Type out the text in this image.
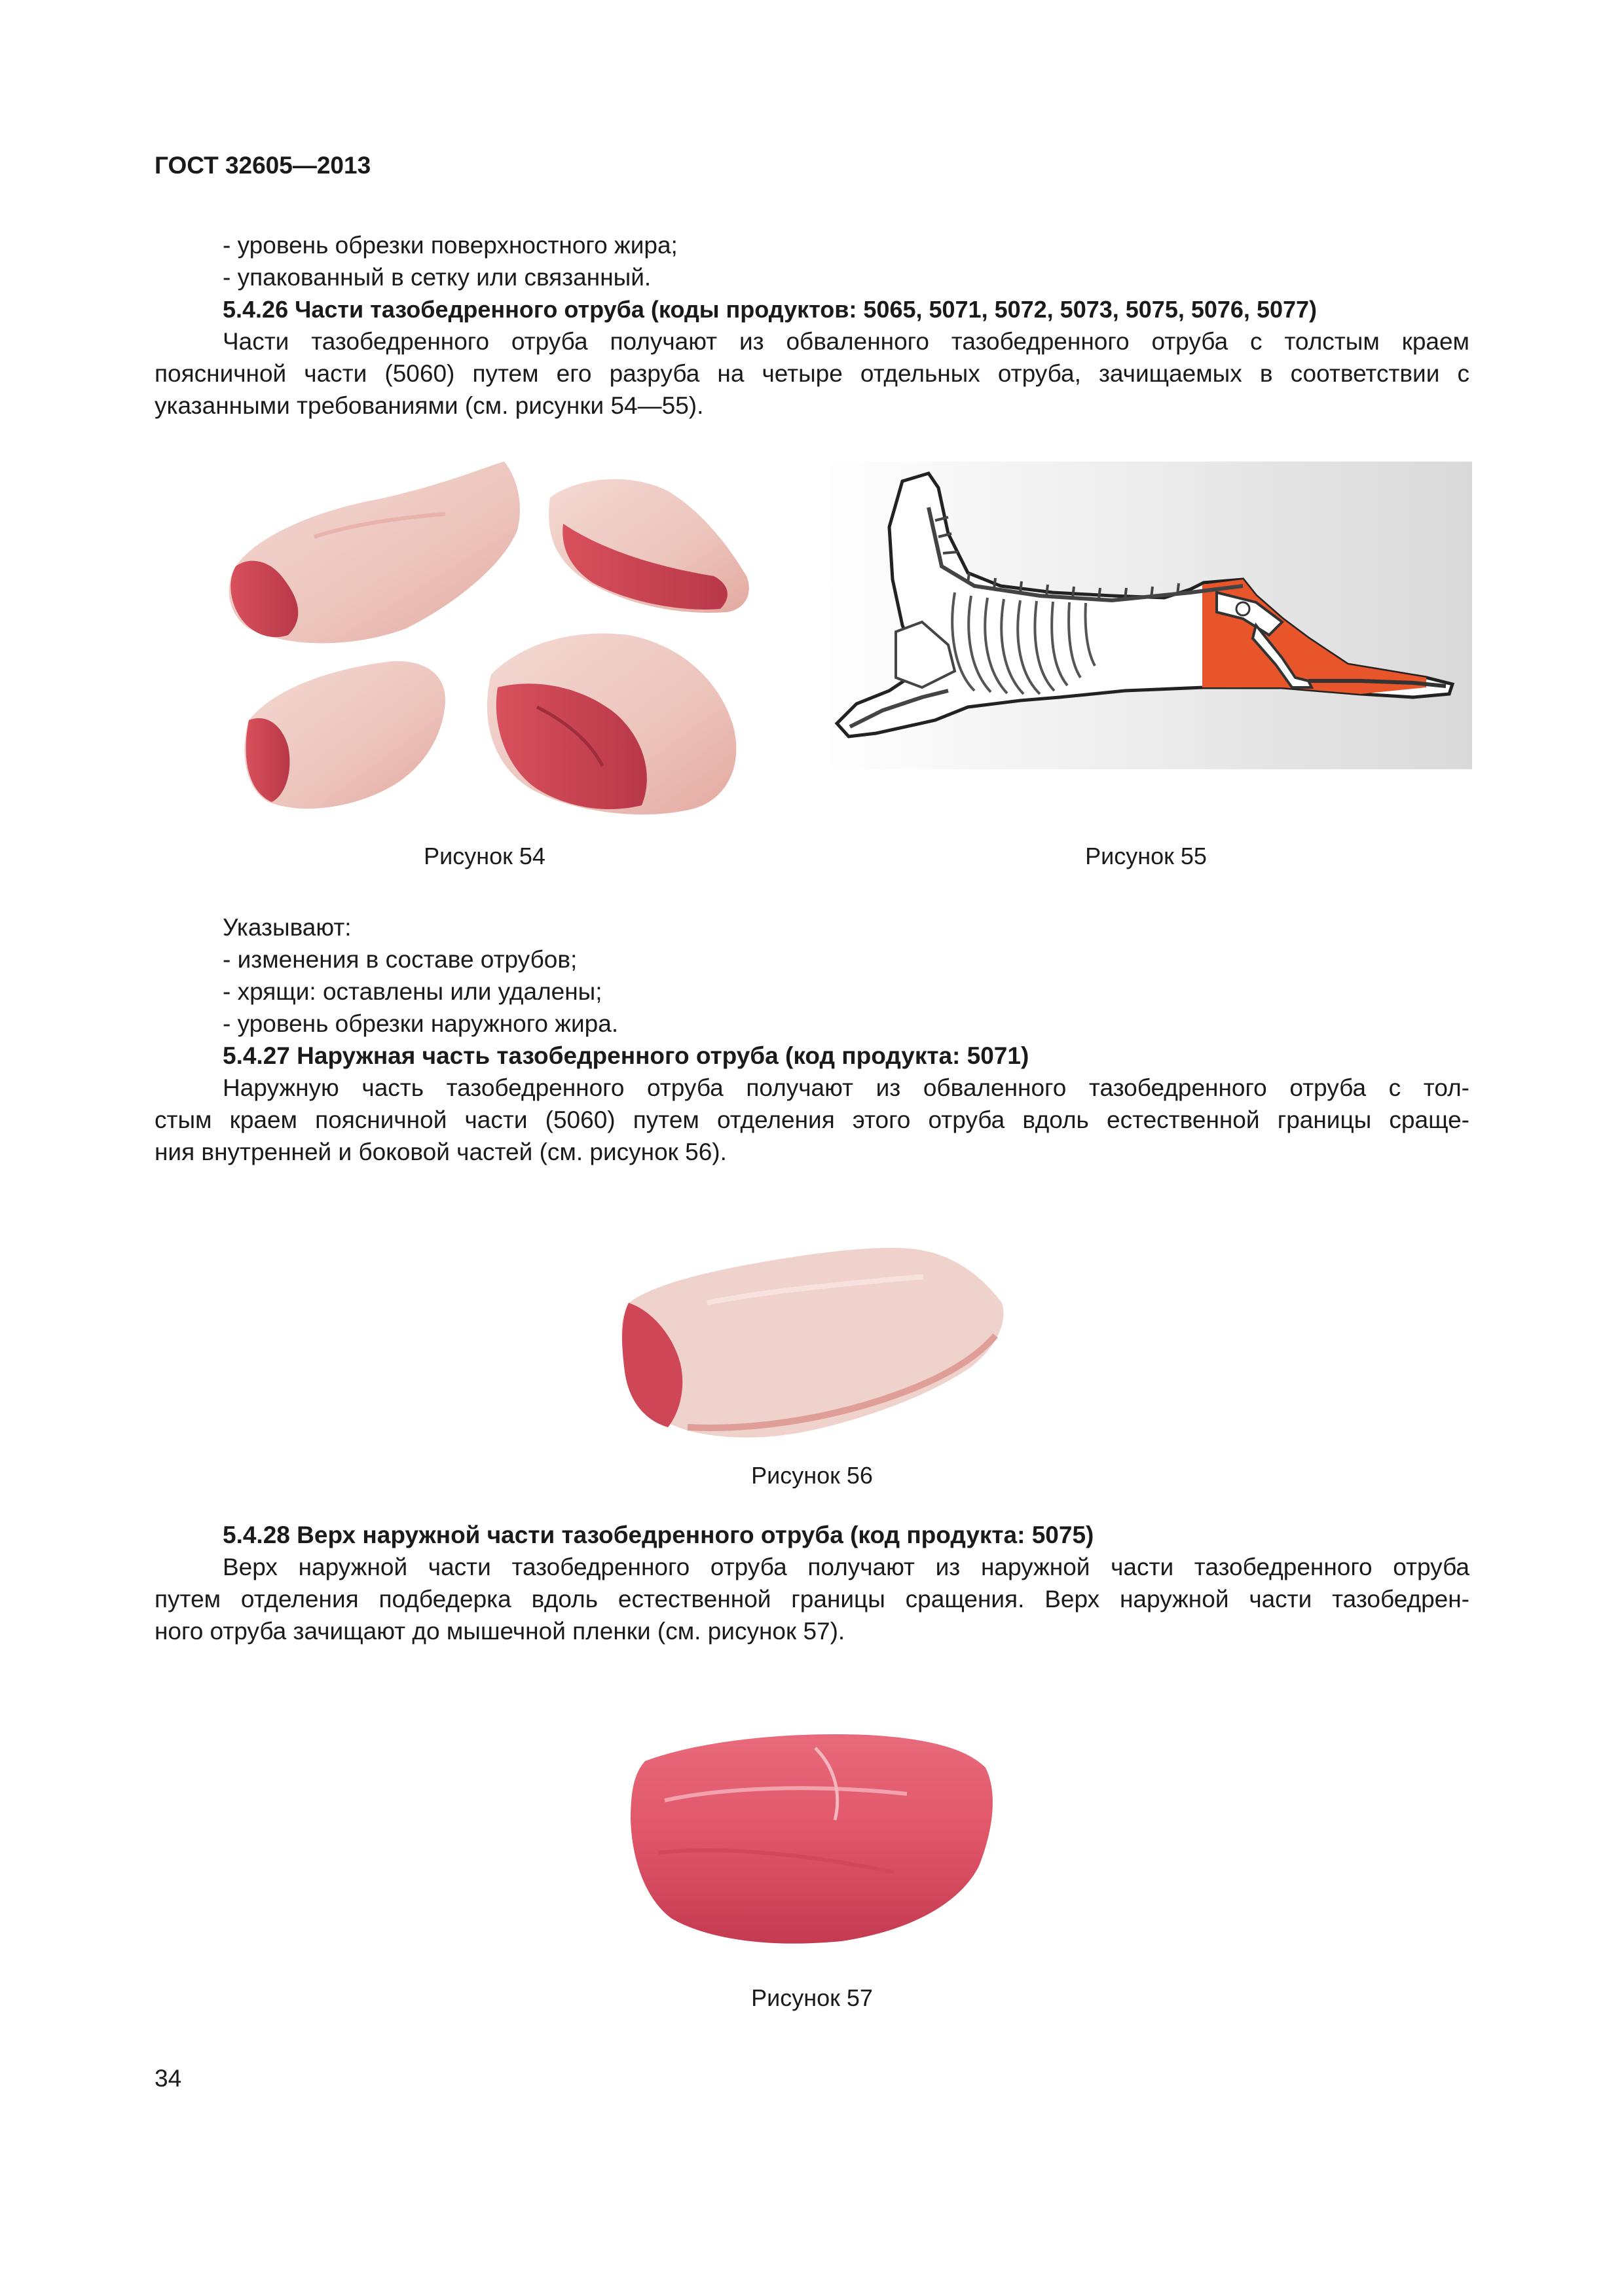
ГОСТ 32605—2013
- уровень обрезки поверхностного жира;
- упакованный в сетку или связанный.
5.4.26 Части тазобедренного отруба (коды продуктов: 5065, 5071, 5072, 5073, 5075, 5076, 5077)
Части тазобедренного отруба получают из обваленного тазобедренного отруба с толстым краем
поясничной части (5060) путем его разруба на четыре отдельных отруба, зачищаемых в соответствии с
указанными требованиями (см. рисунки 54—55).
Рисунок 54	Рисунок 55
Указывают:
- изменения в составе отрубов;
- хрящи: оставлены или удалены;
- уровень обрезки наружного жира.
5.4.27 Наружная часть тазобедренного отруба (код продукта: 5071)
Наружную часть тазобедренного отруба получают из обваленного тазобедренного отруба с тол-
стым краем поясничной части (5060) путем отделения этого отруба вдоль естественной границы сраще-
ния внутренней и боковой частей (см. рисунок 56).
Рисунок 56
5.4.28 Верх наружной части тазобедренного отруба (код продукта: 5075)
Верх наружной части тазобедренного отруба получают из наружной части тазобедренного отруба
путем отделения подбедерка вдоль естественной границы сращения. Верх наружной части тазобедрен-
ного отруба зачищают до мышечной пленки (см. рисунок 57).
Рисунок 57
34
